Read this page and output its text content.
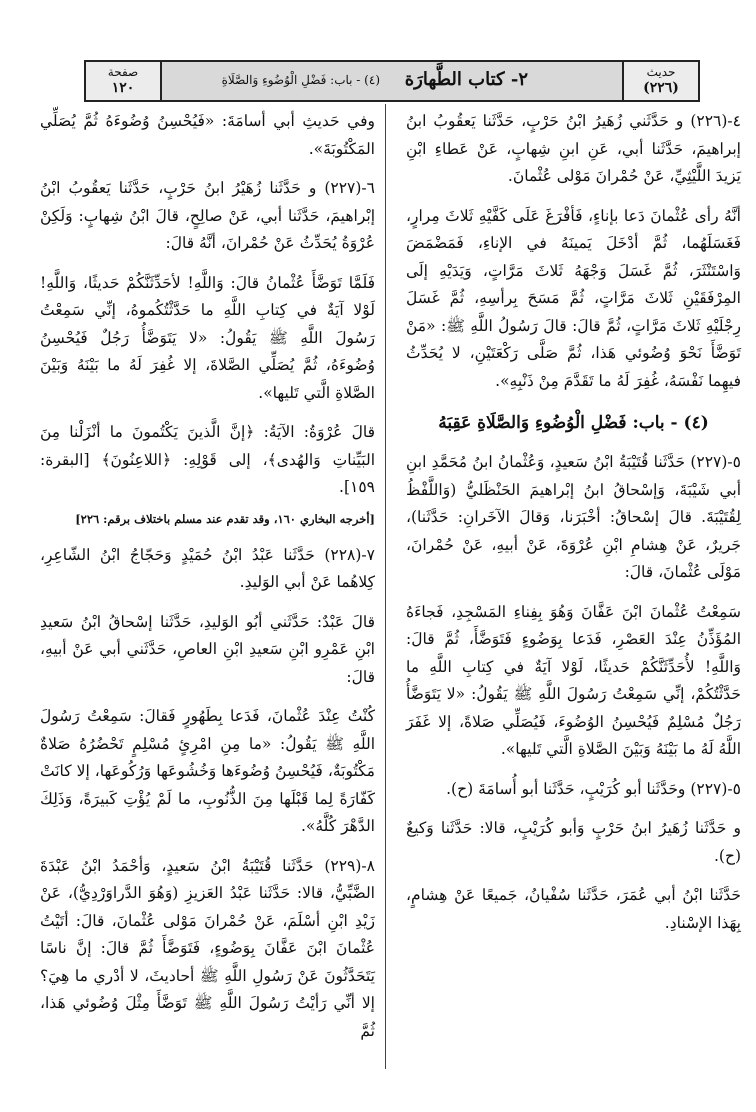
حديث
(٢٢٦)
٢- كتاب الطَّهارَة
(٤) - باب: فَضْلِ الْوُضُوءِ وَالصَّلَاةِ
صفحة
١٢٠

٤-(٢٢٦) و حَدَّثَني زُهَيرُ ابْنُ حَرْبٍ، حَدَّثَنا يَعقُوبُ ابنُ إبراهيمَ، حَدَّثَنا أبي، عَنِ ابنِ شِهابٍ، عَنْ عَطاءِ ابْنِ يَزيدَ اللَّيْثِيِّ، عَنْ حُمْرانَ مَوْلى عُثْمانَ.

أنَّهُ رأى عُثْمانَ دَعا بإناءٍ، فَأفْرَغَ عَلَى كَفَّيْهِ ثَلاثَ مِرارٍ، فَغَسَلَهُما، ثُمَّ أدْخَلَ يَمينَهُ في الإناءِ، فَمَضْمَضَ وَاسْتَنْثَرَ، ثُمَّ غَسَلَ وَجْهَهُ ثَلاثَ مَرَّاتٍ، وَيَدَيْهِ إلَى المِرْفَقَيْنِ ثَلاثَ مَرَّاتٍ، ثُمَّ مَسَحَ بِرأسِهِ، ثُمَّ غَسَلَ رِجْلَيْهِ ثَلاثَ مَرَّاتٍ، ثُمَّ قالَ: قالَ رَسُولُ اللَّهِ ﷺ: «مَنْ تَوَضَّأَ نَحْوَ وُضُوئي هَذا، ثُمَّ صَلَّى رَكْعَتَيْنِ، لا يُحَدِّثُ فيهِما نَفْسَهُ، غُفِرَ لَهُ ما تَقَدَّمَ مِنْ ذَنْبِهِ».

(٤) - باب: فَضْلِ الْوُضُوءِ وَالصَّلَاةِ عَقِبَهُ

٥-(٢٢٧) حَدَّثَنا قُتَيْبَةُ ابْنُ سَعيدٍ، وَعُثْمانُ ابنُ مُحَمَّدِ ابنِ أبي شَيْبَةَ، وَإسْحاقُ ابنُ إبْراهيمَ الحَنْظَليُّ (وَاللَّفْظُ لِقُتَيْبَةَ. قالَ إسْحاقُ: أخْبَرَنا، وَقالَ الآخَرانِ: حَدَّثَنا)، جَريرٌ، عَنْ هِشامِ ابْنِ عُرْوَةَ، عَنْ أبيهِ، عَنْ حُمْرانَ، مَوْلَى عُثْمانَ، قالَ:

سَمِعْتُ عُثْمانَ ابْنَ عَفَّانَ وَهُوَ بِفِناءِ المَسْجِدِ، فَجاءَهُ المُؤَذِّنُ عِنْدَ العَصْرِ، فَدَعا بِوَضُوءٍ فَتَوَضَّأَ، ثُمَّ قالَ: وَاللَّهِ! لأُحَدِّثَنَّكُمْ حَديثًا، لَوْلا آيَةٌ في كِتابِ اللَّهِ ما حَدَّثْتُكُمْ، إنِّي سَمِعْتُ رَسُولَ اللَّهِ ﷺ يَقُولُ: «لا يَتَوَضَّأُ رَجُلٌ مُسْلِمٌ فَيُحْسِنُ الوُضُوءَ، فَيُصَلِّي صَلاةً، إلا غَفَرَ اللَّهُ لَهُ ما بَيْنَهُ وَبَيْنَ الصَّلاةِ الَّتي تَليها».

٥-(٢٢٧) وحَدَّثَنا أبو كُرَيْبٍ، حَدَّثَنا أبو أُسامَةَ (ح).

و حَدَّثَنا زُهَيرُ ابنُ حَرْبٍ وَأبو كُرَيْبٍ، قالا: حَدَّثَنا وَكيعٌ (ح).

حَدَّثَنا ابْنُ أبي عُمَرَ، حَدَّثَنا سُفْيانُ، جَميعًا عَنْ هِشامٍ، بِهَذا الإسْنادِ.

وفي حَديثِ أبي أسامَةَ: «فَيُحْسِنُ وُضُوءَهُ ثُمَّ يُصَلِّي المَكْتُوبَةَ».

٦-(٢٢٧) و حَدَّثَنا زُهَيْرُ ابنُ حَرْبٍ، حَدَّثَنا يَعقُوبُ ابْنُ إبْراهيمَ، حَدَّثَنا أبي، عَنْ صالِحٍ، قالَ ابْنُ شِهابٍ: وَلَكِنْ عُرْوَةُ يُحَدِّثُ عَنْ حُمْرانَ، أنَّهُ قالَ:

فَلَمَّا تَوَضَّأَ عُثْمانُ قالَ: وَاللَّهِ! لأحَدِّثَنَّكُمْ حَديثًا، وَاللَّهِ! لَوْلا آيَةٌ في كِتابِ اللَّهِ ما حَدَّثْتُكُموهُ، إنِّي سَمِعْتُ رَسُولَ اللَّهِ ﷺ يَقُولُ: «لا يَتَوَضَّأُ رَجُلٌ فَيُحْسِنُ وُضُوءَهُ، ثُمَّ يُصَلِّي الصَّلاةَ، إلا غُفِرَ لَهُ ما بَيْنَهُ وَبَيْنَ الصَّلاةِ الَّتي تَليها».

قالَ عُرْوَةُ: الآيَةُ: ﴿إنَّ الَّذينَ يَكْتُمونَ ما أنْزَلْنا مِنَ البَيِّناتِ وَالهُدى﴾، إلى قَوْلِهِ: ﴿اللاعِنُونَ﴾ [البقرة: ١٥٩].

[أخرجه البخاري ١٦٠، وقد تقدم عند مسلم باختلاف برقم: ٢٢٦]

٧-(٢٢٨) حَدَّثَنا عَبْدُ ابْنُ حُمَيْدٍ وَحَجّاجُ ابْنُ الشّاعِرِ، كِلاهُما عَنْ أبي الوَليدِ.

قالَ عَبْدٌ: حَدَّثَني أبُو الوَليدِ، حَدَّثَنا إسْحاقُ ابْنُ سَعيدِ ابْنِ عَمْرِو ابْنِ سَعيدِ ابْنِ العاصِ، حَدَّثَني أبي عَنْ أبيهِ، قالَ:

كُنْتُ عِنْدَ عُثْمانَ، فَدَعا بِطَهُورٍ فَقالَ: سَمِعْتُ رَسُولَ اللَّهِ ﷺ يَقُولُ: «ما مِنِ امْرِئٍ مُسْلِمٍ تَحْضُرُهُ صَلاةٌ مَكْتُوبَةٌ، فَيُحْسِنُ وُضُوءَها وَخُشُوعَها وَرُكُوعَها، إلا كانَتْ كَفّارَةً لِما قَبْلَها مِنَ الذُّنُوبِ، ما لَمْ يُؤْتِ كَبيرَةً، وَذَلِكَ الدَّهْرَ كُلَّهُ».

٨-(٢٢٩) حَدَّثَنا قُتَيْبَةُ ابْنُ سَعيدٍ، وَأحْمَدُ ابْنُ عَبْدَةَ الضَّبِّيُّ، قالا: حَدَّثَنا عَبْدُ العَزيزِ (وَهُوَ الدَّراوَرْدِيُّ)، عَنْ زَيْدِ ابْنِ أسْلَمَ، عَنْ حُمْرانَ مَوْلى عُثْمانَ، قالَ: أتَيْتُ عُثْمانَ ابْنَ عَفَّانَ بِوَضُوءٍ، فَتَوَضَّأَ ثُمَّ قالَ: إنَّ ناسًا يَتَحَدَّثُونَ عَنْ رَسُولِ اللَّهِ ﷺ أحاديثَ، لا أدْري ما هِيَ؟ إلا أنِّي رَأيْتُ رَسُولَ اللَّهِ ﷺ تَوَضَّأَ مِثْلَ وُضُوئي هَذا، ثُمَّ
